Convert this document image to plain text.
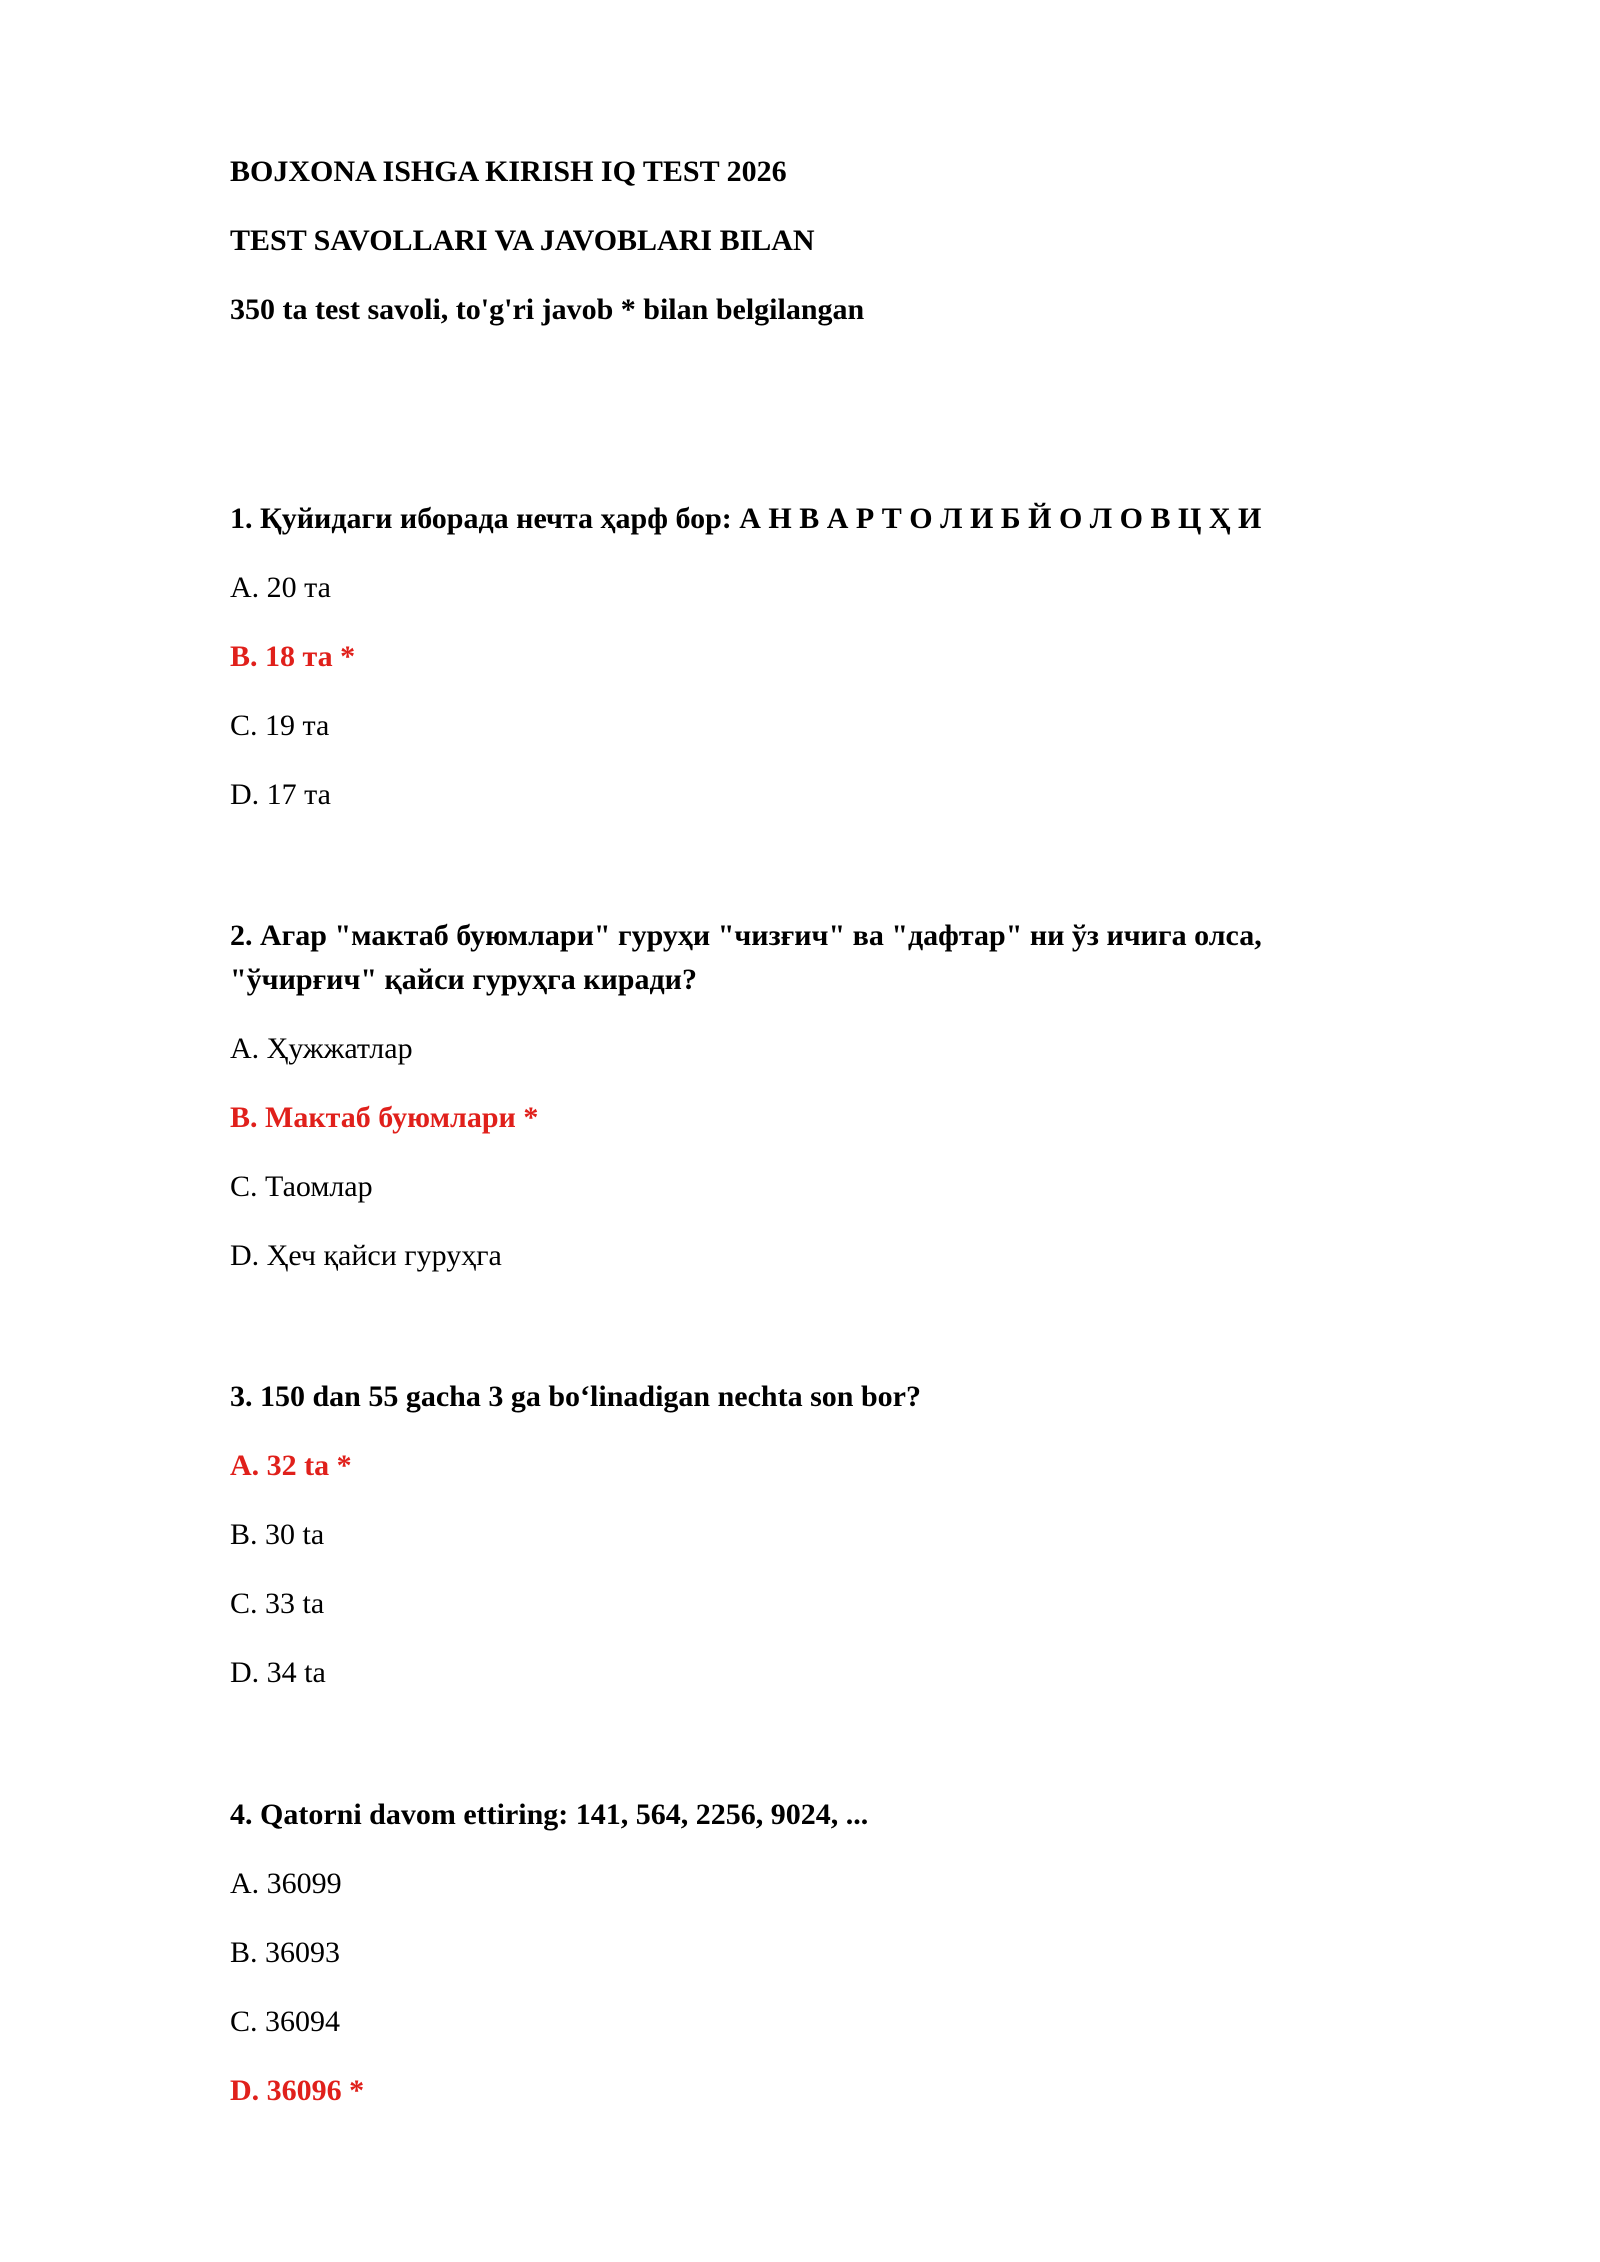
BOJXONA ISHGA KIRISH IQ TEST 2026
TEST SAVOLLARI VA JAVOBLARI BILAN
350 ta test savoli, to'g'ri javob * bilan belgilangan
1. Қуйидаги иборада нечта ҳарф бор: А Н В А Р Т О Л И Б Й О Л О В Ц Ҳ И
A. 20 та
B. 18 та *
C. 19 та
D. 17 та
2. Агар "мактаб буюмлари" гуруҳи "чизғич" ва "дафтар" ни ўз ичига олса, "ўчирғич" қайси гуруҳга киради?
A. Ҳужжатлар
B. Мактаб буюмлари *
C. Таомлар
D. Ҳеч қайси гуруҳга
3. 150 dan 55 gacha 3 ga bo‘linadigan nechta son bor?
A. 32 ta *
B. 30 ta
C. 33 ta
D. 34 ta
4. Qatorni davom ettiring: 141, 564, 2256, 9024, ...
A. 36099
B. 36093
C. 36094
D. 36096 *
